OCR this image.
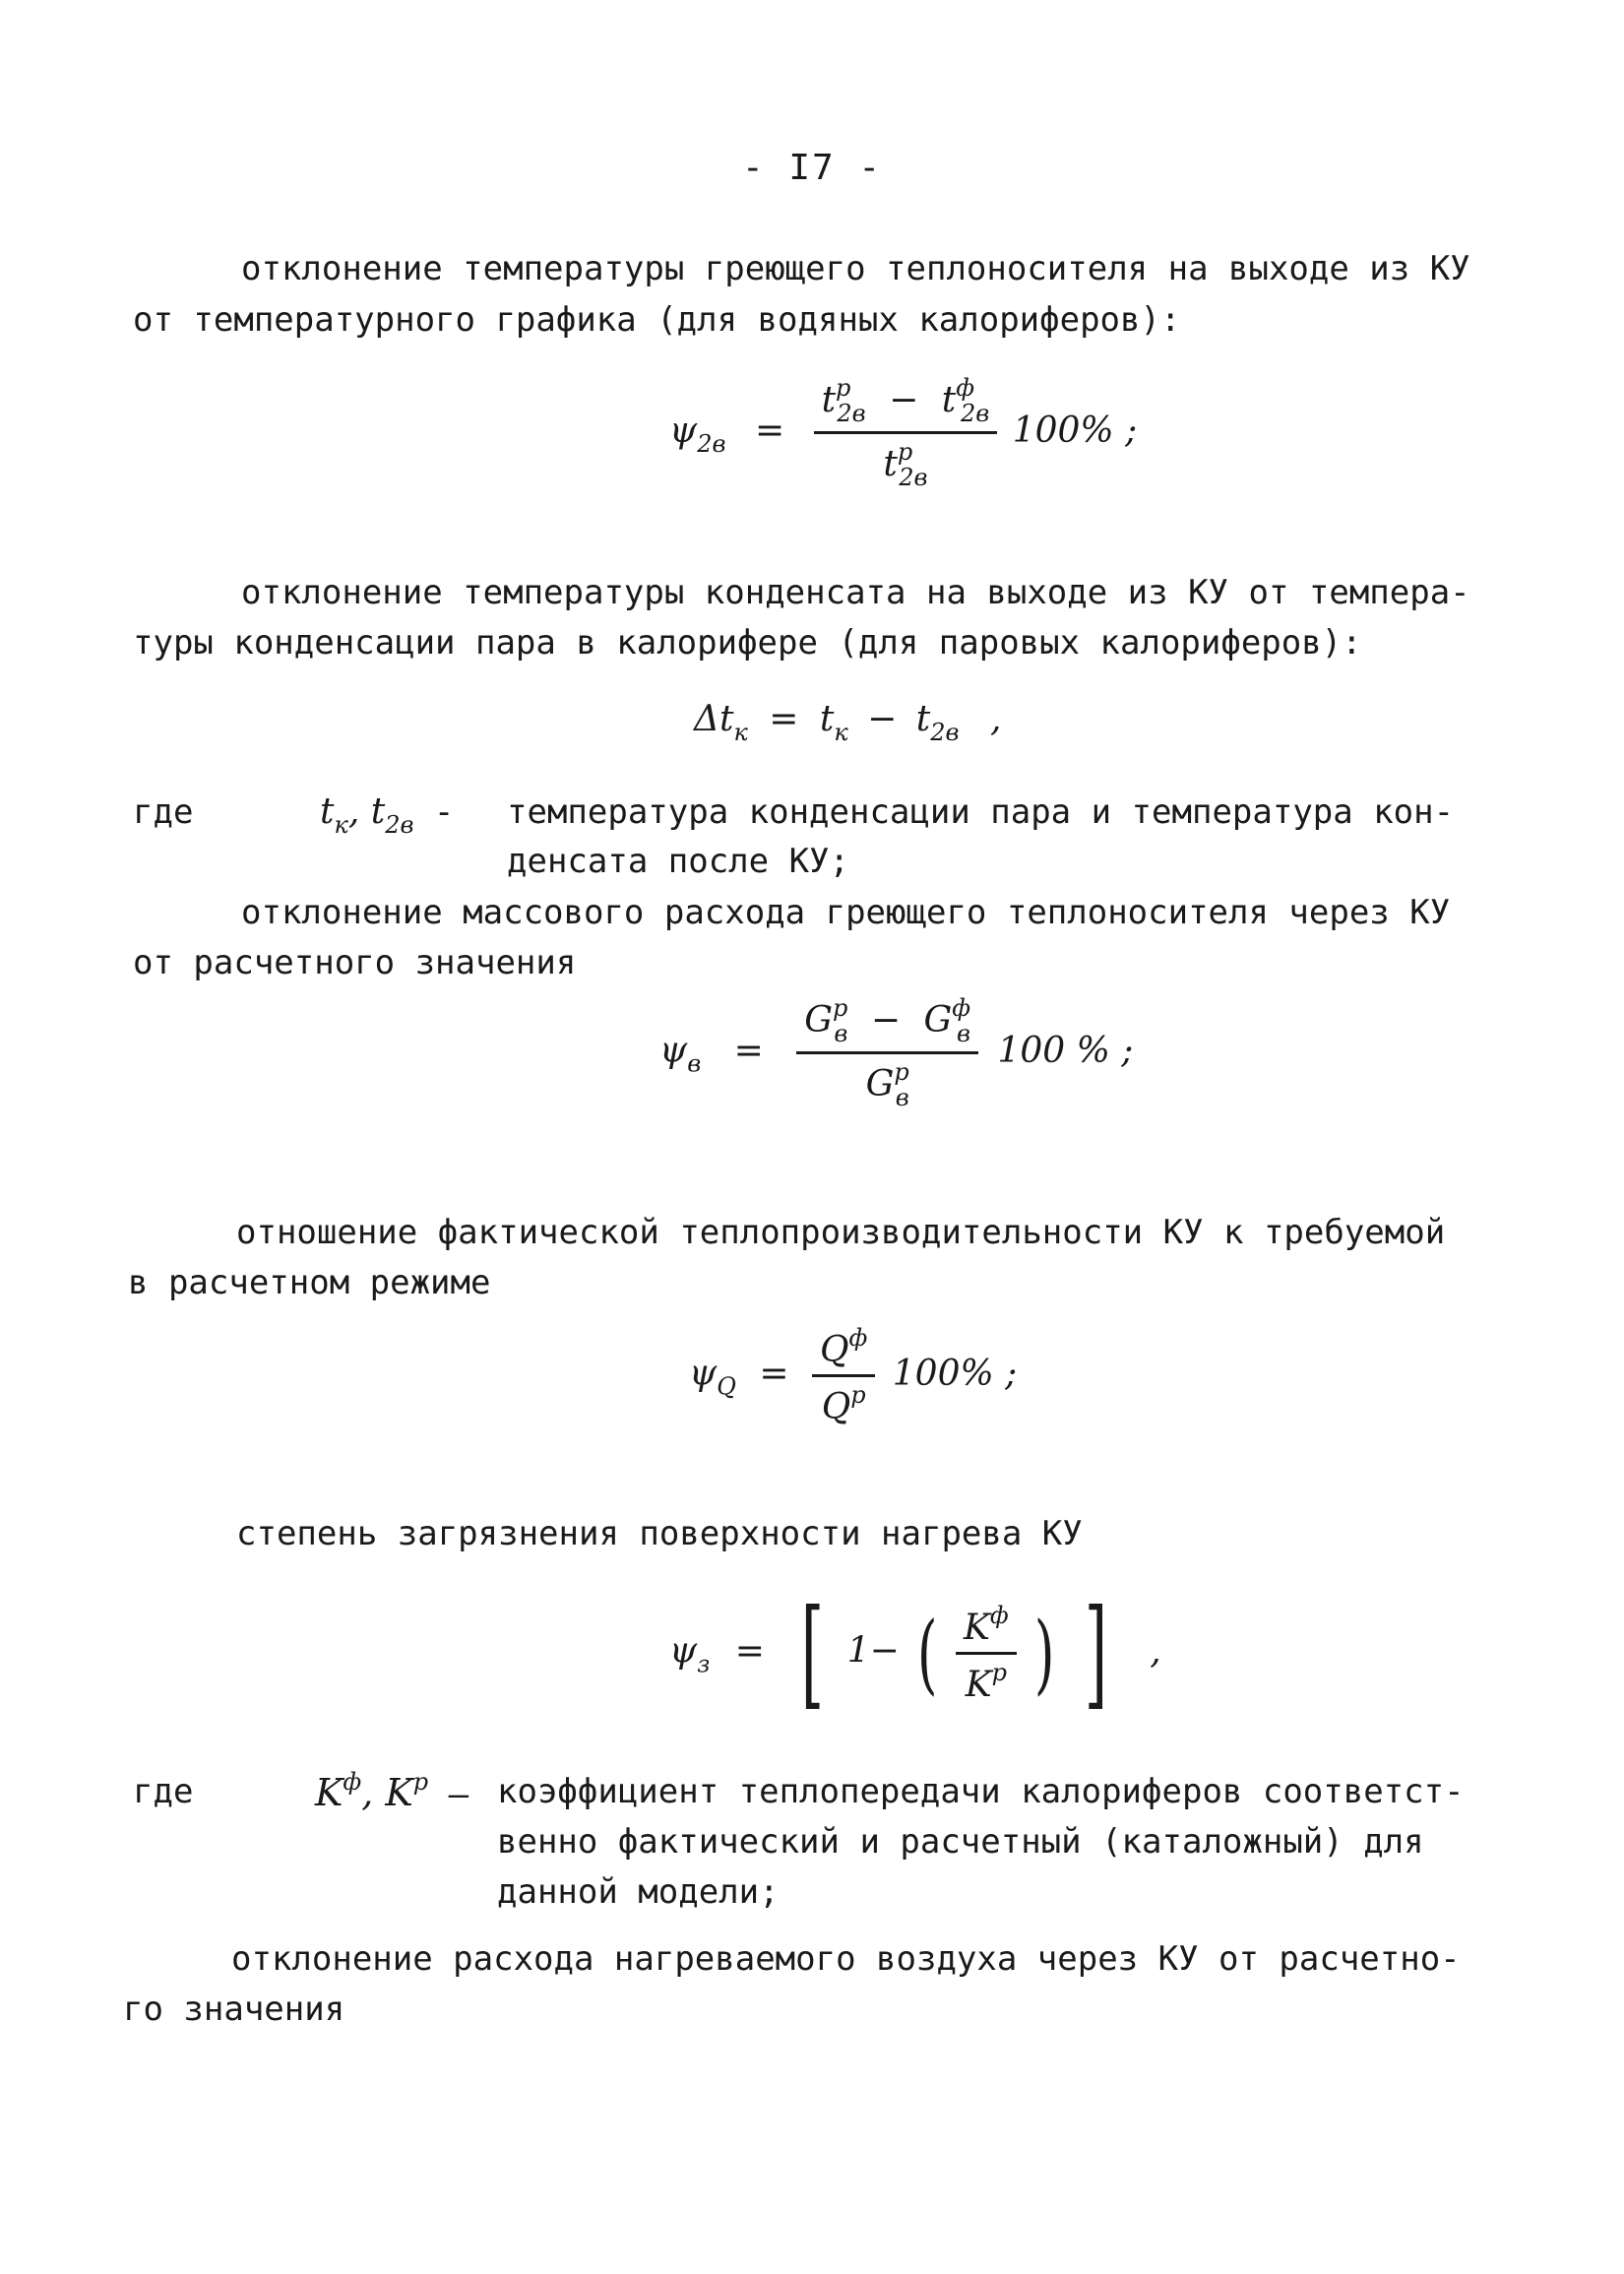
- I7 -
отклонение температуры греющего теплоносителя на выходе из КУ
от температурного графика (для водяных калориферов):
$\psi_{2в} = \frac{t^р_{2в} - t^ф_{2в}}{t^р_{2в}} 100\%$ ;
отклонение температуры конденсата на выходе из КУ от темпера-
туры конденсации пара в калорифере (для паровых калориферов):
$\Delta t_к = t_к - t_{2в}$ ,
где	$t_к$, $t_{2в}$ - температура конденсации пара и температура кон-
денсата после КУ;
отклонение массового расхода греющего теплоносителя через КУ
от расчетного значения
$\psi_в = \frac{G^р_в - G^ф_в}{G^р_в} 100$ % ;
отношение фактической теплопроизводительности КУ к требуемой
в расчетном режиме
$\psi_Q = \frac{Q^ф}{Q^р} 100\%$ ;
степень загрязнения поверхности нагрева КУ
$\psi_з$ = [ 1− ( $\frac{K^ф}{K^р}$ ) ] ,
где	$K^ф$, $K^р$ – коэффициент теплопередачи калориферов соответст-
венно фактический и расчетный (каталожный) для
данной модели;
отклонение расхода нагреваемого воздуха через КУ от расчетно-
го значения
